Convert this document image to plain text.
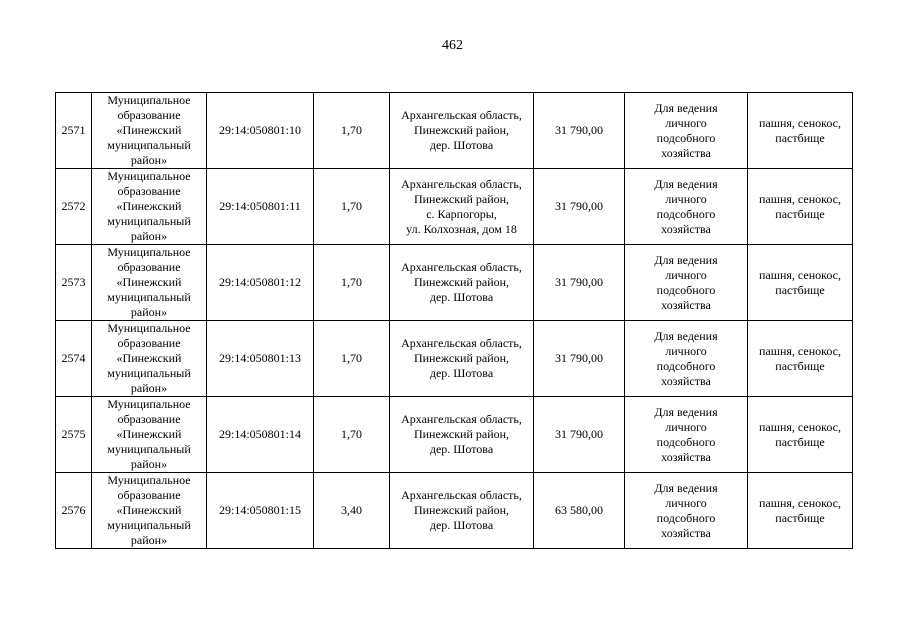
462
2571	Муниципальное
образование
«Пинежский
муниципальный
район»	29:14:050801:10	1,70	Архангельская область,
Пинежский район,
дер. Шотова	31 790,00	Для ведения
личного
подсобного
хозяйства	пашня, сенокос,
пастбище
2572	Муниципальное
образование
«Пинежский
муниципальный
район»	29:14:050801:11	1,70	Архангельская область,
Пинежский район,
с. Карпогоры,
ул. Колхозная, дом 18	31 790,00	Для ведения
личного
подсобного
хозяйства	пашня, сенокос,
пастбище
2573	Муниципальное
образование
«Пинежский
муниципальный
район»	29:14:050801:12	1,70	Архангельская область,
Пинежский район,
дер. Шотова	31 790,00	Для ведения
личного
подсобного
хозяйства	пашня, сенокос,
пастбище
2574	Муниципальное
образование
«Пинежский
муниципальный
район»	29:14:050801:13	1,70	Архангельская область,
Пинежский район,
дер. Шотова	31 790,00	Для ведения
личного
подсобного
хозяйства	пашня, сенокос,
пастбище
2575	Муниципальное
образование
«Пинежский
муниципальный
район»	29:14:050801:14	1,70	Архангельская область,
Пинежский район,
дер. Шотова	31 790,00	Для ведения
личного
подсобного
хозяйства	пашня, сенокос,
пастбище
2576	Муниципальное
образование
«Пинежский
муниципальный
район»	29:14:050801:15	3,40	Архангельская область,
Пинежский район,
дер. Шотова	63 580,00	Для ведения
личного
подсобного
хозяйства	пашня, сенокос,
пастбище
